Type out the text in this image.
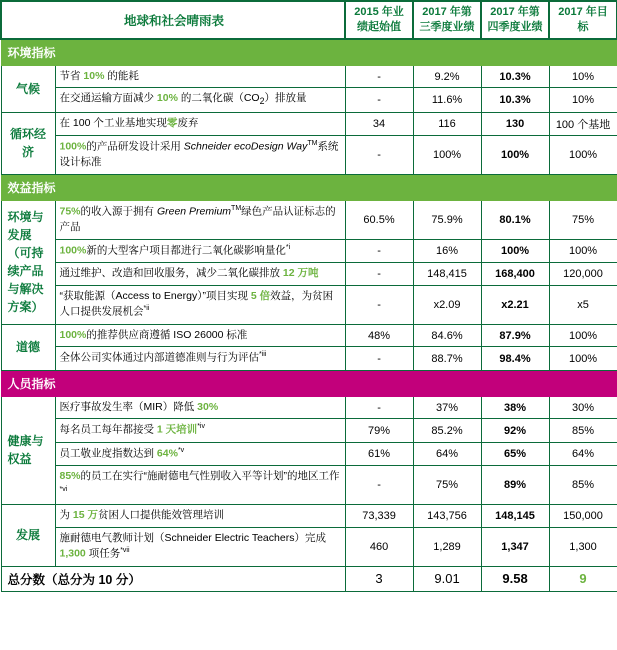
地球和社会晴雨表		2015 年业绩起始值	2017 年第三季度业绩	2017 年第四季度业绩	2017 年目标
环境指标					
气候	节省 10% 的能耗	-	9.2%	10.3%	10%
	在交通运输方面减少 10% 的二氧化碳$(CO_2)$排放量	-	11.6%	10.3%	10%
循环经济	在 100 个工业基地实现零废弃	34	116	130	100 个基地
	100%的产品研发设计采用 Schneider ecoDesign Way™系统设计标准	-	100%	100%	100%
效益指标					
环境与发展（可持续产品与解决方案）	75%的收入源于拥有 Green Premium™绿色产品认证标志的产品	60.5%	75.9%	80.1%	75%
	100%新的大型客户项目都进行二氧化碳影响量化$^{*i}$	-	16%	100%	100%
	通过维护、改造和回收服务，减少二氧化碳排放 12 万吨	-	148,415	168,400	120,000
	“获取能源（Access to Energy）”项目实现 5 倍效益，为贫困人口提供发展机会$^{*ii}$	-	x2.09	x2.21	x5
道德	100%的推荐供应商遵循 ISO 26000 标准	48%	84.6%	87.9%	100%
	全体公司实体通过内部道德准则与行为评估$^{*iii}$	-	88.7%	98.4%	100%
人员指标					
健康与权益	医疗事故发生率（MIR）降低 30%	-	37%	38%	30%
	每名员工每年都接受 1 天培训$^{*iv}$	79%	85.2%	92%	85%
	员工敬业度指数达到 64%$^{*v}$	61%	64%	65%	64%
	85%的员工在实行“施耐德电气性别收入平等计划”的地区工作$^{*vi}$	-	75%	89%	85%
发展	为 15 万贫困人口提供能效管理培训	73,339	143,756	148,145	150,000
	施耐德电气教师计划（Schneider Electric Teachers）完成 1,300 项任务$^{*vii}$	460	1,289	1,347	1,300
总分数（总分为 10 分）		3	9.01	9.58	9
